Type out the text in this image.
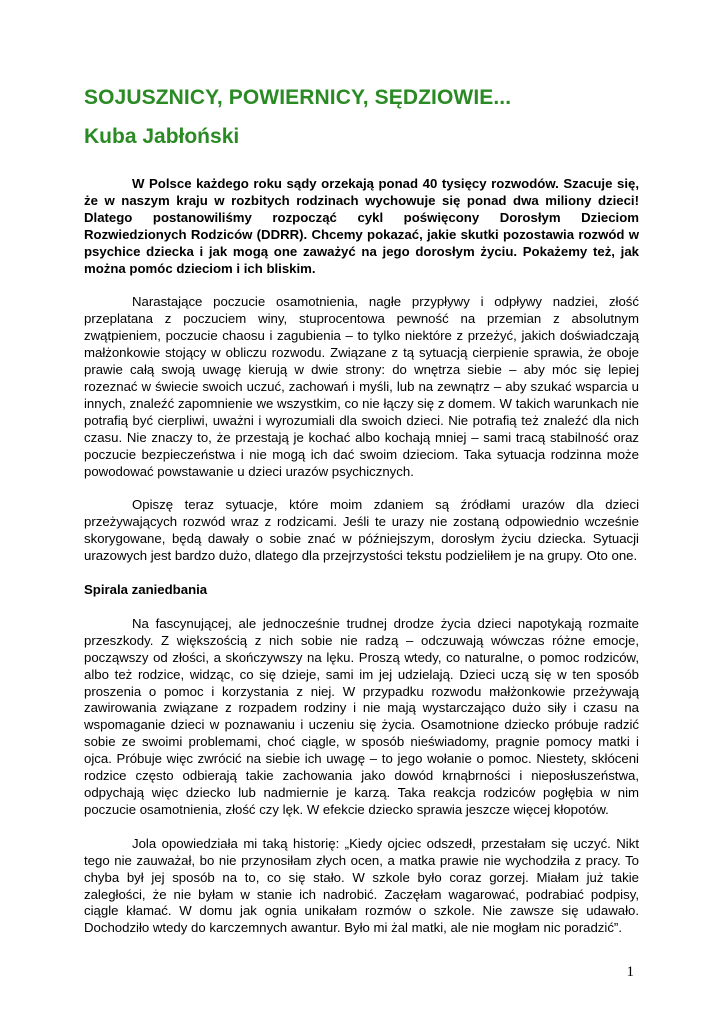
SOJUSZNICY, POWIERNICY, SĘDZIOWIE...
Kuba Jabłoński

W Polsce każdego roku sądy orzekają ponad 40 tysięcy rozwodów. Szacuje się, że w naszym kraju w rozbitych rodzinach wychowuje się ponad dwa miliony dzieci! Dlatego postanowiliśmy rozpocząć cykl poświęcony Dorosłym Dzieciom Rozwiedzionych Rodziców (DDRR). Chcemy pokazać, jakie skutki pozostawia rozwód w psychice dziecka i jak mogą one zaważyć na jego dorosłym życiu. Pokażemy też, jak można pomóc dzieciom i ich bliskim.

Narastające poczucie osamotnienia, nagłe przypływy i odpływy nadziei, złość przeplatana z poczuciem winy, stuprocentowa pewność na przemian z absolutnym zwątpieniem, poczucie chaosu i zagubienia – to tylko niektóre z przeżyć, jakich doświadczają małżonkowie stojący w obliczu rozwodu. Związane z tą sytuacją cierpienie sprawia, że oboje prawie całą swoją uwagę kierują w dwie strony: do wnętrza siebie – aby móc się lepiej rozeznać w świecie swoich uczuć, zachowań i myśli, lub na zewnątrz – aby szukać wsparcia u innych, znaleźć zapomnienie we wszystkim, co nie łączy się z domem. W takich warunkach nie potrafią być cierpliwi, uważni i wyrozumiali dla swoich dzieci. Nie potrafią też znaleźć dla nich czasu. Nie znaczy to, że przestają je kochać albo kochają mniej – sami tracą stabilność oraz poczucie bezpieczeństwa i nie mogą ich dać swoim dzieciom. Taka sytuacja rodzinna może powodować powstawanie u dzieci urazów psychicznych.

Opiszę teraz sytuacje, które moim zdaniem są źródłami urazów dla dzieci przeżywających rozwód wraz z rodzicami. Jeśli te urazy nie zostaną odpowiednio wcześnie skorygowane, będą dawały o sobie znać w późniejszym, dorosłym życiu dziecka. Sytuacji urazowych jest bardzo dużo, dlatego dla przejrzystości tekstu podzieliłem je na grupy. Oto one.

Spirala zaniedbania

Na fascynującej, ale jednocześnie trudnej drodze życia dzieci napotykają rozmaite przeszkody. Z większością z nich sobie nie radzą – odczuwają wówczas różne emocje, począwszy od złości, a skończywszy na lęku. Proszą wtedy, co naturalne, o pomoc rodziców, albo też rodzice, widząc, co się dzieje, sami im jej udzielają. Dzieci uczą się w ten sposób proszenia o pomoc i korzystania z niej. W przypadku rozwodu małżonkowie przeżywają zawirowania związane z rozpadem rodziny i nie mają wystarczająco dużo siły i czasu na wspomaganie dzieci w poznawaniu i uczeniu się życia. Osamotnione dziecko próbuje radzić sobie ze swoimi problemami, choć ciągle, w sposób nieświadomy, pragnie pomocy matki i ojca. Próbuje więc zwrócić na siebie ich uwagę – to jego wołanie o pomoc. Niestety, skłóceni rodzice często odbierają takie zachowania jako dowód krnąbrności i nieposłuszeństwa, odpychają więc dziecko lub nadmiernie je karzą. Taka reakcja rodziców pogłębia w nim poczucie osamotnienia, złość czy lęk. W efekcie dziecko sprawia jeszcze więcej kłopotów.

Jola opowiedziała mi taką historię: „Kiedy ojciec odszedł, przestałam się uczyć. Nikt tego nie zauważał, bo nie przynosiłam złych ocen, a matka prawie nie wychodziła z pracy. To chyba był jej sposób na to, co się stało. W szkole było coraz gorzej. Miałam już takie zaległości, że nie byłam w stanie ich nadrobić. Zaczęłam wagarować, podrabiać podpisy, ciągle kłamać. W domu jak ognia unikałam rozmów o szkole. Nie zawsze się udawało. Dochodziło wtedy do karczemnych awantur. Było mi żal matki, ale nie mogłam nic poradzić”.

1
